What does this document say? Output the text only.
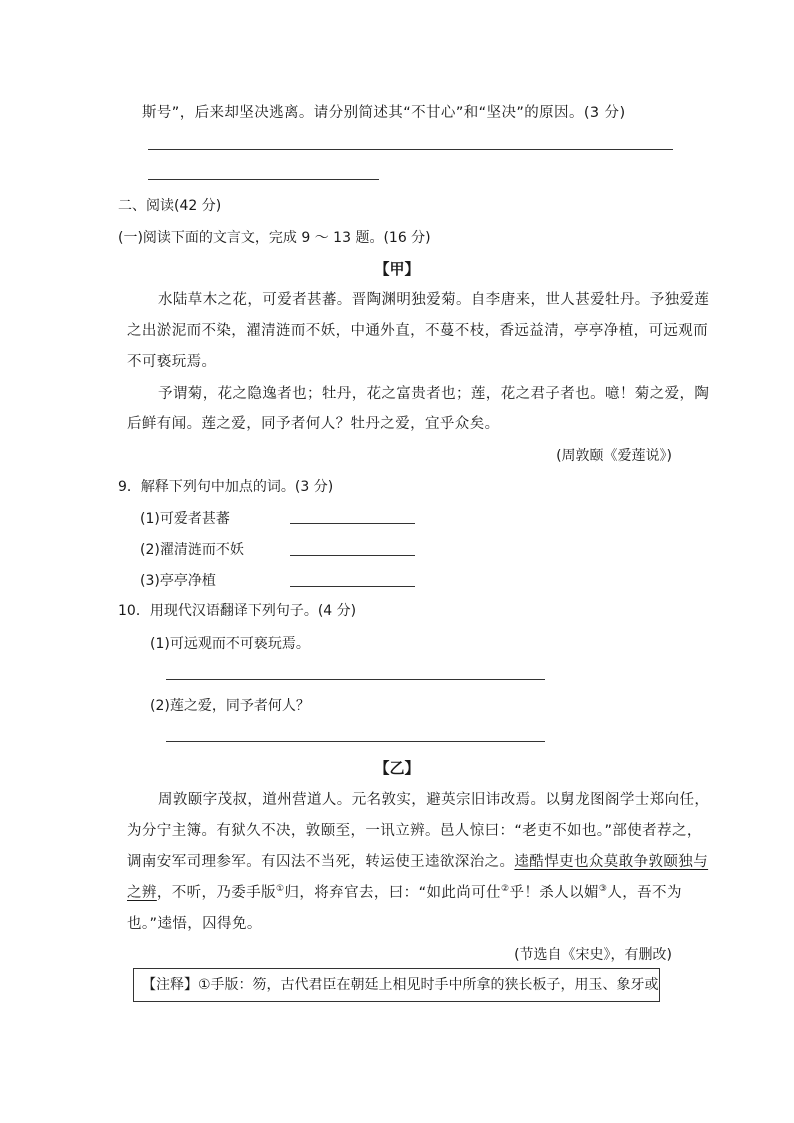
斯号”，后来却坚决逃离。请分别简述其“不甘心”和“坚决”的原因。(3 分)
二、阅读(42 分)
(一)阅读下面的文言文，完成 9 ～ 13 题。(16 分)
【甲】
水陆草木之花，可爱者甚蕃。晋陶渊明独爱菊。自李唐来，世人甚爱牡丹。予独爱莲
之出淤泥而不染，濯清涟而不妖，中通外直，不蔓不枝，香远益清，亭亭净植，可远观而
不可亵玩焉。
予谓菊，花之隐逸者也；牡丹，花之富贵者也；莲，花之君子者也。噫！菊之爱，陶
后鲜有闻。莲之爱，同予者何人？牡丹之爱，宜乎众矣。
(周敦颐《爱莲说》)
9．解释下列句中加点的词。(3 分)
(1)可爱者甚蕃
(2)濯清涟而不妖
(3)亭亭净植
10．用现代汉语翻译下列句子。(4 分)
(1)可远观而不可亵玩焉。
(2)莲之爱，同予者何人？
【乙】
周敦颐字茂叔，道州营道人。元名敦实，避英宗旧讳改焉。以舅龙图阁学士郑向任，
为分宁主簿。有狱久不决，敦颐至，一讯立辨。邑人惊曰：“老吏不如也。”部使者荐之，
调南安军司理参军。有囚法不当死，转运使王逵欲深治之。逵酷悍吏也众莫敢争敦颐独与
之辨，不听，乃委手版①归，将弃官去，曰：“如此尚可仕②乎！杀人以媚③人，吾不为
也。”逵悟，囚得免。
(节选自《宋史》，有删改)
【注释】①手版：笏，古代君臣在朝廷上相见时手中所拿的狭长板子，用玉、象牙或
